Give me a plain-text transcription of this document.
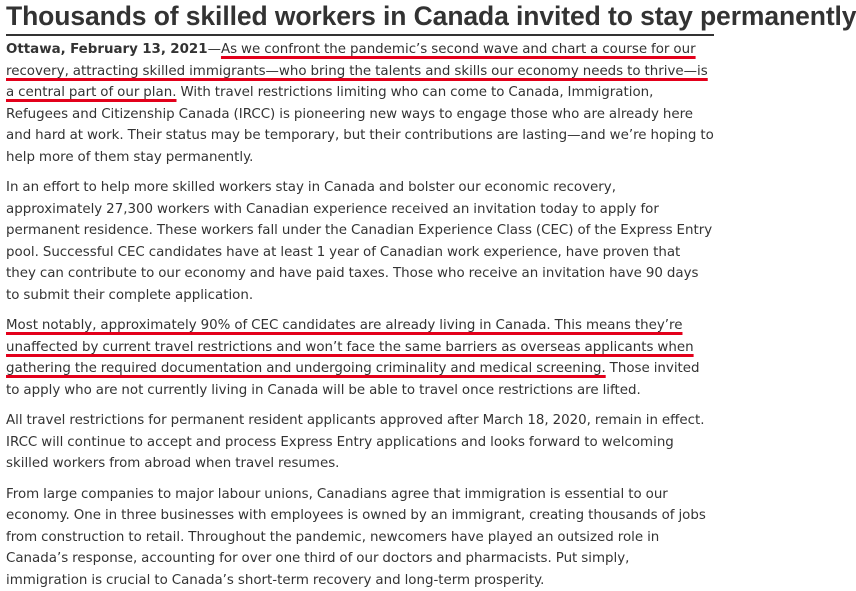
Thousands of skilled workers in Canada invited to stay permanently

Ottawa, February 13, 2021—As we confront the pandemic’s second wave and chart a course for our recovery, attracting skilled immigrants—who bring the talents and skills our economy needs to thrive—is a central part of our plan. With travel restrictions limiting who can come to Canada, Immigration, Refugees and Citizenship Canada (IRCC) is pioneering new ways to engage those who are already here and hard at work. Their status may be temporary, but their contributions are lasting—and we’re hoping to help more of them stay permanently.

In an effort to help more skilled workers stay in Canada and bolster our economic recovery, approximately 27,300 workers with Canadian experience received an invitation today to apply for permanent residence. These workers fall under the Canadian Experience Class (CEC) of the Express Entry pool. Successful CEC candidates have at least 1 year of Canadian work experience, have proven that they can contribute to our economy and have paid taxes. Those who receive an invitation have 90 days to submit their complete application.

Most notably, approximately 90% of CEC candidates are already living in Canada. This means they’re unaffected by current travel restrictions and won’t face the same barriers as overseas applicants when gathering the required documentation and undergoing criminality and medical screening. Those invited to apply who are not currently living in Canada will be able to travel once restrictions are lifted.

All travel restrictions for permanent resident applicants approved after March 18, 2020, remain in effect. IRCC will continue to accept and process Express Entry applications and looks forward to welcoming skilled workers from abroad when travel resumes.

From large companies to major labour unions, Canadians agree that immigration is essential to our economy. One in three businesses with employees is owned by an immigrant, creating thousands of jobs from construction to retail. Throughout the pandemic, newcomers have played an outsized role in Canada’s response, accounting for over one third of our doctors and pharmacists. Put simply, immigration is crucial to Canada’s short-term recovery and long-term prosperity.
